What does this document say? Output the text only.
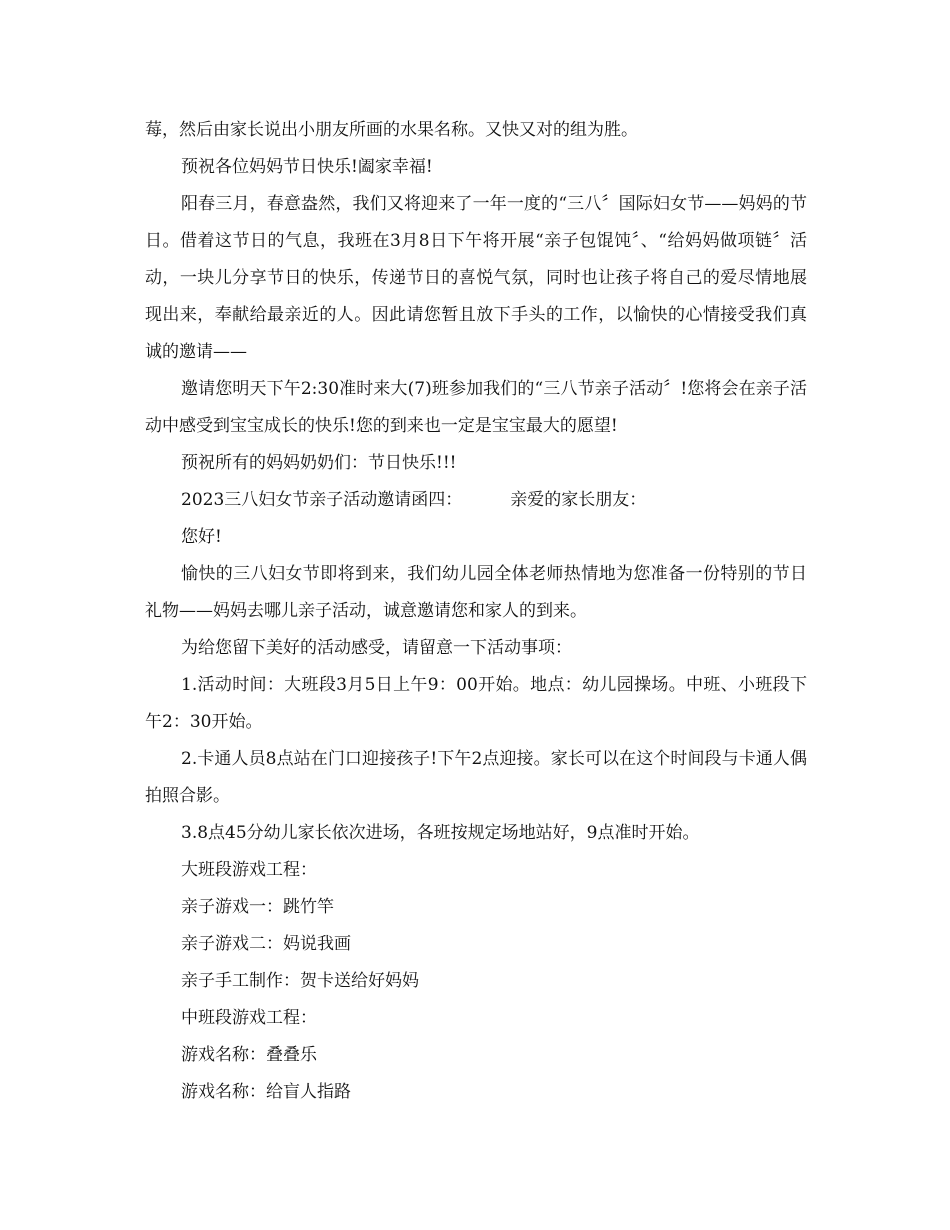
莓，然后由家长说出小朋友所画的水果名称。又快又对的组为胜。

预祝各位妈妈节日快乐!阖家幸福!

阳春三月，春意盎然，我们又将迎来了一年一度的“三八〞国际妇女节——妈妈的节日。借着这节日的气息，我班在3月8日下午将开展“亲子包馄饨〞、“给妈妈做项链〞活动，一块儿分享节日的快乐，传递节日的喜悦气氛，同时也让孩子将自己的爱尽情地展现出来，奉献给最亲近的人。因此请您暂且放下手头的工作，以愉快的心情接受我们真诚的邀请——

邀请您明天下午2:30准时来大(7)班参加我们的“三八节亲子活动〞!您将会在亲子活动中感受到宝宝成长的快乐!您的到来也一定是宝宝最大的愿望!

预祝所有的妈妈奶奶们：节日快乐!!!

2023三八妇女节亲子活动邀请函四：	亲爱的家长朋友：

您好!

愉快的三八妇女节即将到来，我们幼儿园全体老师热情地为您准备一份特别的节日礼物——妈妈去哪儿亲子活动，诚意邀请您和家人的到来。

为给您留下美好的活动感受，请留意一下活动事项：

1.活动时间：大班段3月5日上午9：00开始。地点：幼儿园操场。中班、小班段下午2：30开始。

2.卡通人员8点站在门口迎接孩子!下午2点迎接。家长可以在这个时间段与卡通人偶拍照合影。

3.8点45分幼儿家长依次进场，各班按规定场地站好，9点准时开始。

大班段游戏工程：

亲子游戏一：跳竹竿

亲子游戏二：妈说我画

亲子手工制作：贺卡送给好妈妈

中班段游戏工程：

游戏名称：叠叠乐

游戏名称：给盲人指路
